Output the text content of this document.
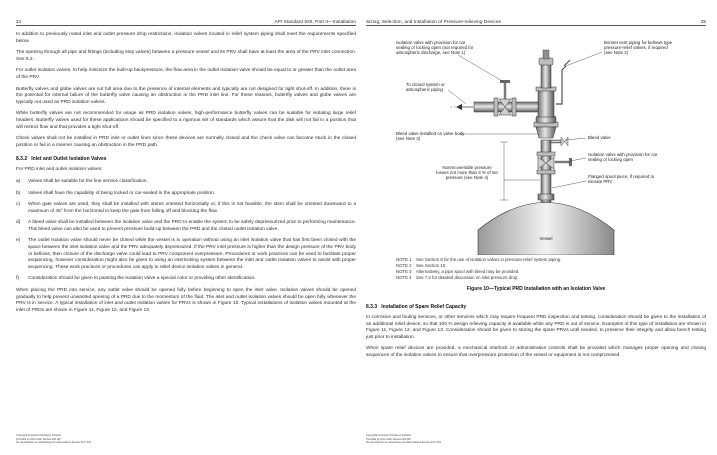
24	API Standard 520, Part II—Installation

In addition to previously noted inlet and outlet pressure drop restrictions, isolation valves located in relief system piping shall meet the requirements specified below.

The opening through all pipe and fittings (including stop valves) between a pressure vessel and its PRV shall have at least the area of the PRV inlet connection. See 5.2.

For outlet isolation valves, to help minimize the built-up backpressure, the flow area in the outlet isolation valve should be equal to or greater than the outlet area of the PRV.

Butterfly valves and globe valves are not full area due to the presence of internal elements and typically are not designed for tight shut-off. In addition, there is the potential for internal failure of the butterfly valve causing an obstruction in the PRD inlet line. For these reasons, butterfly valves and globe valves are typically not used as PRD isolation valves.

While butterfly valves are not recommended for usage as PRD isolation valves, high-performance butterfly valves can be suitable for isolating large relief headers. Butterfly valves used for these applications should be specified to a rigorous set of standards which assure that the disk will not fail in a position that will restrict flow and that provides a tight shut-off.

Check valves shall not be installed in PRD inlet or outlet lines since these devices are normally closed and the check valve can become stuck in the closed position or fail in a manner causing an obstruction in the PRD path.

8.3.2 Inlet and Outlet Isolation Valves

For PRD inlet and outlet isolation valves:

a)	Valves shall be suitable for the line service classification.

b)	Valves shall have the capability of being locked or car-sealed in the appropriate position.

c)	When gate valves are used, they shall be installed with stems oriented horizontally or, if this is not feasible, the stem shall be oriented downward to a maximum of 45° from the horizontal to keep the gate from falling off and blocking the flow.

d)	A bleed valve shall be installed between the isolation valve and the PRD to enable the system to be safely depressurized prior to performing maintenance. This bleed valve can also be used to prevent pressure build-up between the PRD and the closed outlet isolation valve.

e)	The outlet isolation valve should never be closed while the vessel is in operation without using an inlet isolation valve that has first been closed with the space between the inlet isolation valve and the PRV adequately depressured. If the PRV inlet pressure is higher than the design pressure of the PRV body or bellows, then closure of the discharge valve could lead to PRV component overpressure. Procedures or work practices can be used to facilitate proper sequencing, however consideration might also be given to using an interlocking system between the inlet and outlet isolation valves to assist with proper sequencing. These work practices or procedures can apply to relief device isolation valves in general.

f)	Consideration should be given to painting the isolation valve a special color or providing other identification.

When placing the PRD into service, any outlet valve should be opened fully before beginning to open the inlet valve. Isolation valves should be opened gradually to help prevent unwanted opening of a PRD due to the momentum of the fluid. The inlet and outlet isolation valves should be open fully whenever the PRV is in service. A typical installation of inlet and outlet isolation valves for PRVs is shown in Figure 10. Typical installations of isolation valves mounted at the inlet of PRDs are shown in Figure 11, Figure 12, and Figure 13.

Copyright American Petroleum Institute
Provided by IHS under license with API
No reproduction or networking permitted without license from IHS
Sizing, Selection, and Installation of Pressure-relieving Devices	25
Isolation valve with provision for car sealing or locking open (not required for atmospheric discharge, see Note 1)
Bonnet vent piping for bellows type pressure-relief valves, if required (see Note 2)
To closed system or atmospheric piping
Bleed valve installed on valve body (see Note 3)	Bleed valve
Isolation valve with provision for car sealing or locking open
Nonrecoverable pressure losses not more than 3 % of set pressure (see Note 4)	Flanged spool piece, if required to elevate PRV
Vessel
NOTE 1	See Section 8 for the use of isolation valves in pressure-relief system piping.
NOTE 2	See Section 10.
NOTE 3	Alternatively, a pipe spool with bleed may be provided.
NOTE 4	See 7.3 for detailed discussion on inlet pressure drop.
Figure 10—Typical PRD Installation with an Isolation Valve
8.3.3 Installation of Spare Relief Capacity

In corrosive and fouling services, or other services which may require frequent PRD inspection and testing, consideration should be given to the installation of an additional relief device, so that 100 % design relieving capacity is available while any PRD is out of service. Examples of this type of installation are shown in Figure 11, Figure 12, and Figure 13. Consideration should be given to storing the spare PRVs until needed, to preserve their integrity and allow bench testing just prior to installation.

When spare relief devices are provided, a mechanical interlock or administrative controls shall be provided which manages proper opening and closing sequences of the isolation valves to ensure that overpressure protection of the vessel or equipment is not compromised.

Copyright American Petroleum Institute
Provided by IHS under license with API
No reproduction or networking permitted without license from IHS
